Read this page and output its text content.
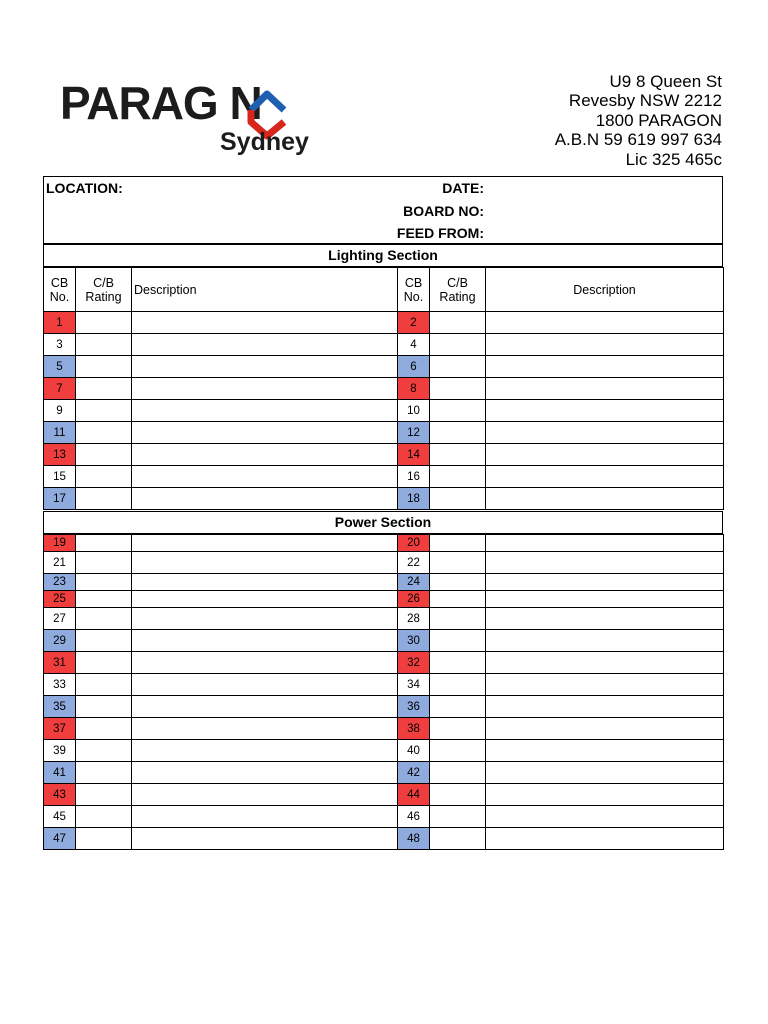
PARAG N
Sydney
U9 8 Queen St
Revesby NSW 2212
1800 PARAGON
A.B.N 59 619 997 634
Lic 325 465c
LOCATION:	DATE:
BOARD NO:
FEED FROM:
Lighting Section
CB No.	C/B Rating	Description	CB No.	C/B Rating	Description
1			2		
3			4		
5			6		
7			8		
9			10		
11			12		
13			14		
15			16		
17			18		
Power Section
19			20		
21			22		
23			24		
25			26		
27			28		
29			30		
31			32		
33			34		
35			36		
37			38		
39			40		
41			42		
43			44		
45			46		
47			48		
